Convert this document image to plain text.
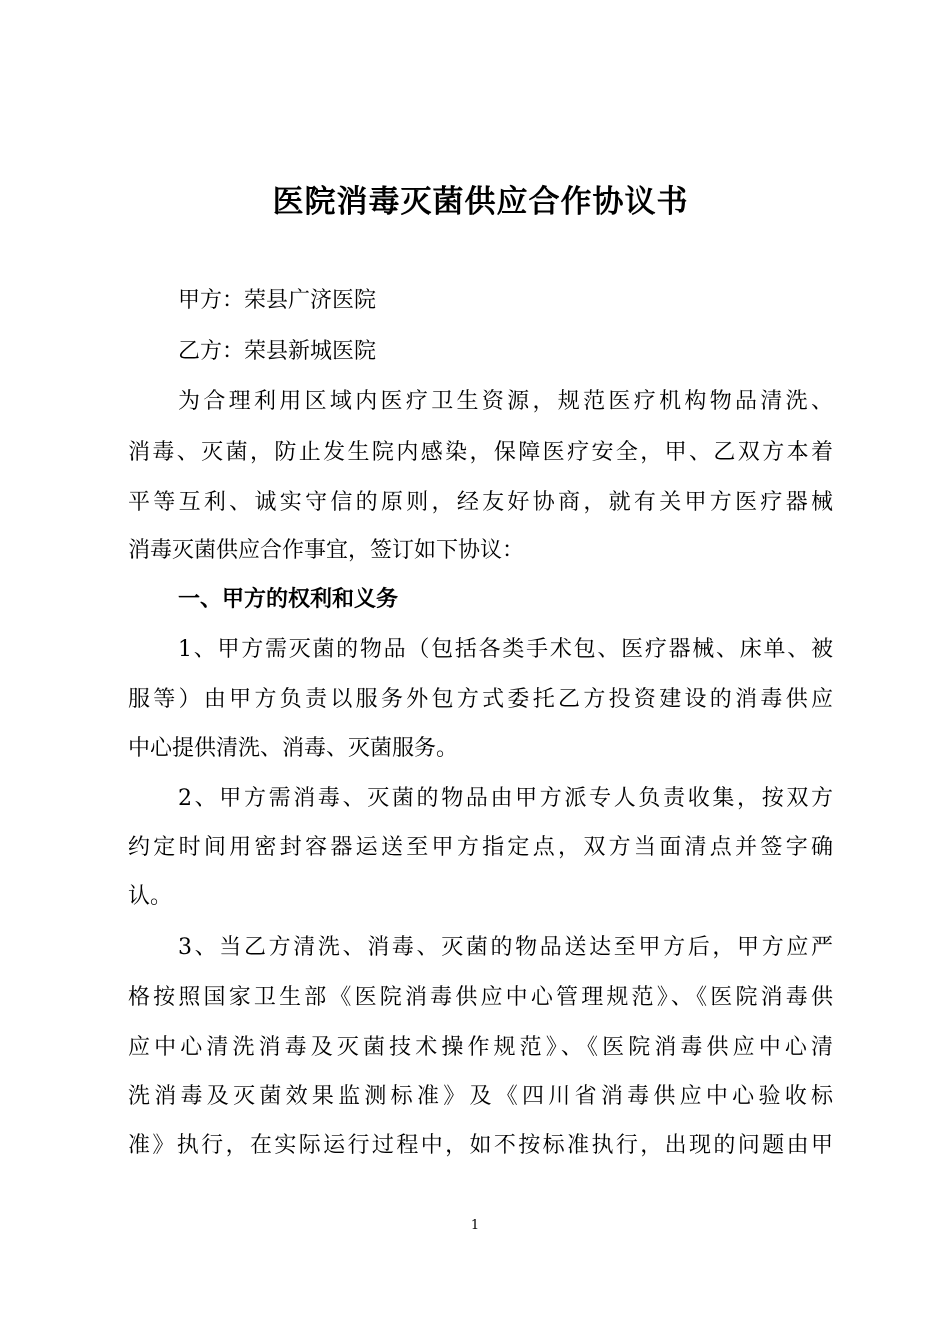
医院消毒灭菌供应合作协议书
甲方：荣县广济医院
乙方：荣县新城医院
为合理利用区域内医疗卫生资源，规范医疗机构物品清洗、
消毒、灭菌，防止发生院内感染，保障医疗安全，甲、乙双方本着
平等互利、诚实守信的原则，经友好协商，就有关甲方医疗器械
消毒灭菌供应合作事宜，签订如下协议：
一、甲方的权利和义务
1、甲方需灭菌的物品（包括各类手术包、医疗器械、床单、被
服等）由甲方负责以服务外包方式委托乙方投资建设的消毒供应
中心提供清洗、消毒、灭菌服务。
2、甲方需消毒、灭菌的物品由甲方派专人负责收集，按双方
约定时间用密封容器运送至甲方指定点，双方当面清点并签字确
认。
3、当乙方清洗、消毒、灭菌的物品送达至甲方后，甲方应严
格按照国家卫生部《医院消毒供应中心管理规范》、《医院消毒供
应中心清洗消毒及灭菌技术操作规范》、《医院消毒供应中心清
洗消毒及灭菌效果监测标准》及《四川省消毒供应中心验收标
准》执行，在实际运行过程中，如不按标准执行，出现的问题由甲
1
